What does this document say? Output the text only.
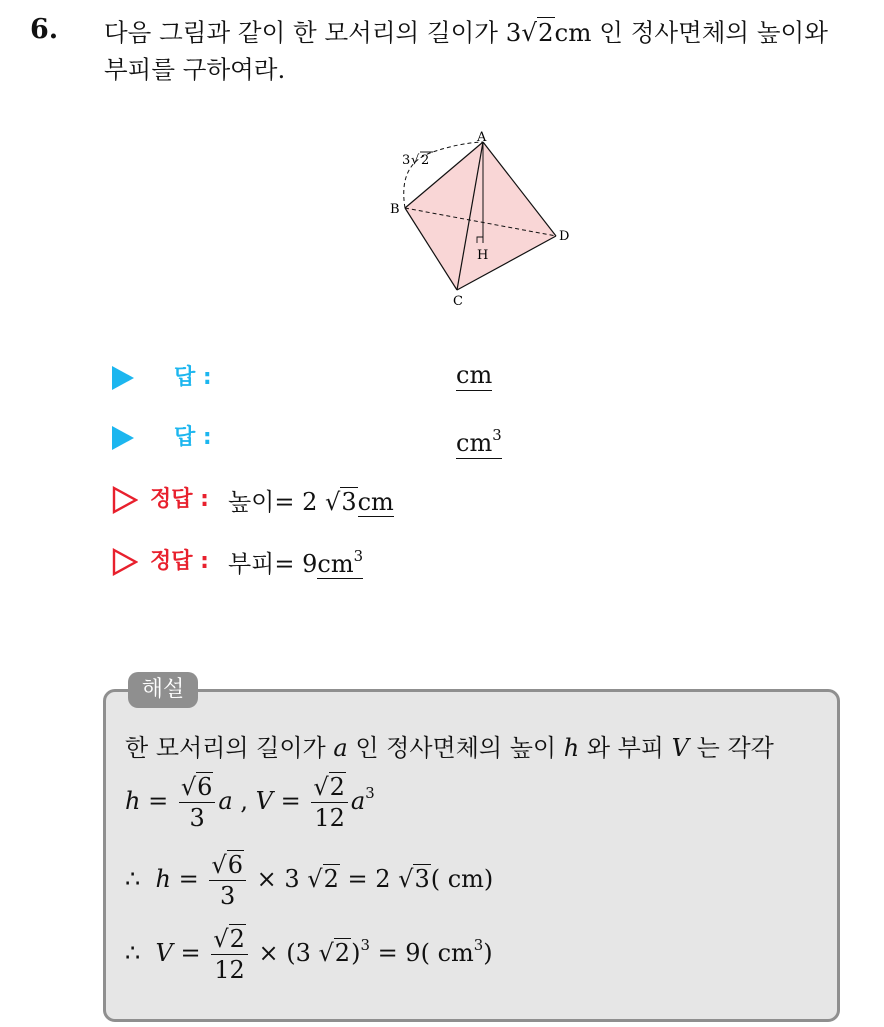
6. 다음 그림과 같이 한 모서리의 길이가 3√2cm 인 정사면체의 높이와
부피를 구하여라.
3 √ 2
A
B
C
D
H
답 :	cm
답 :	$cm^3$
정답 : 높이= 2 √3cm
정답 : 부피= $9cm^3$
해설
한 모서리의 길이가 a 인 정사면체의 높이 h 와 부피 V 는 각각
$h = \frac{√6}{3}$ a , $V = \frac{√2}{12} a^3$
∴ $h = \frac{√6}{3} \times 3$ √2 = 2 √3( cm)
∴ $V = \frac{√2}{12} \times (3$ √2)$^3$ = 9( $cm^3$)
